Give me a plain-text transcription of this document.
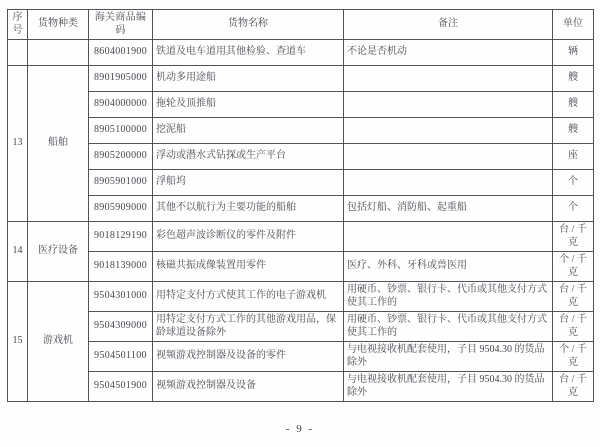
序号	货物种类	海关商品编码	货物名称	备注	单位
		8604001900	铁道及电车道用其他检验、查道车	不论是否机动	辆
13	船舶	8901905000	机动多用途船		艘
		8904000000	拖轮及顶推船		艘
		8905100000	挖泥船		艘
		8905200000	浮动或潜水式钻探或生产平台		座
		8905901000	浮船坞		个
		8905909000	其他不以航行为主要功能的船舶	包括灯船、消防船、起重船	个
14	医疗设备	9018129190	彩色超声波诊断仪的零件及附件		台 / 千克
		9018139000	核磁共振成像装置用零件	医疗、外科、牙科或兽医用	个 / 千克
15	游戏机	9504301000	用特定支付方式使其工作的电子游戏机	用硬币、钞票、银行卡、代币或其他支付方式使其工作的	台 / 千克
		9504309000	用特定支付方式工作的其他游戏用品，保龄球道设备除外	用硬币、钞票、银行卡、代币或其他支付方式使其工作的	台 / 千克
		9504501100	视频游戏控制器及设备的零件	与电视接收机配套使用，子目 9504.30 的货品除外	个 / 千克
		9504501900	视频游戏控制器及设备	与电视接收机配套使用，子目 9504.30 的货品除外	台 / 千克
- 9 -
